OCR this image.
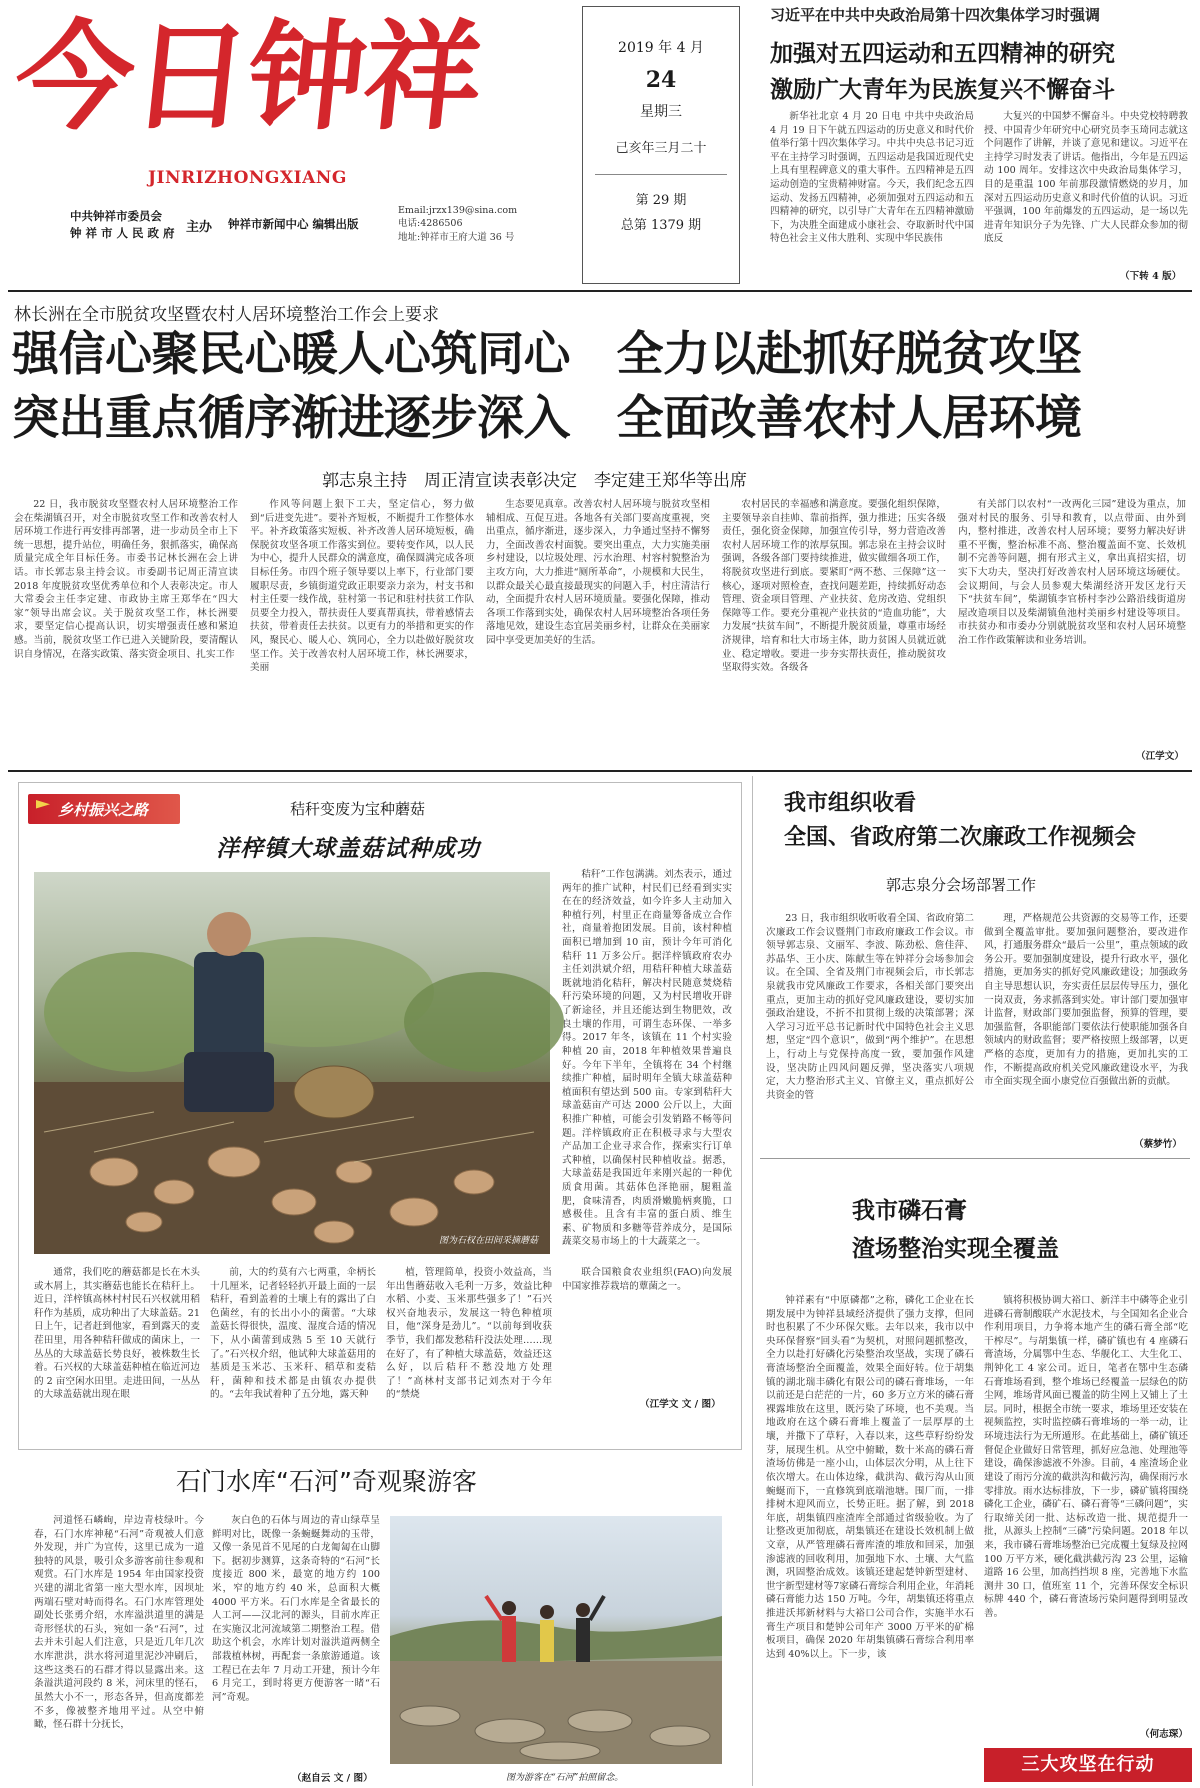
今日钟祥
JINRIZHONGXIANG
中共钟祥市委员会
钟 祥 市 人 民 政 府 主办 钟祥市新闻中心 编辑出版
Email:jrzx139@sina.com
电话:4286506
地址:钟祥市王府大道 36 号
2019 年 4 月
24
星期三
己亥年三月二十
第 29 期
总第 1379 期
习近平在中共中央政治局第十四次集体学习时强调
加强对五四运动和五四精神的研究
激励广大青年为民族复兴不懈奋斗

新华社北京 4 月 20 日电 中共中央政治局 4 月 19 日下午就五四运动的历史意义和时代价值举行第十四次集体学习。中共中央总书记习近平在主持学习时强调，五四运动是我国近现代史上具有里程碑意义的重大事件。五四精神是五四运动创造的宝贵精神财富。今天，我们纪念五四运动、发扬五四精神，必须加强对五四运动和五四精神的研究，以引导广大青年在五四精神激励下，为决胜全面建成小康社会、夺取新时代中国特色社会主义伟大胜利、实现中华民族伟

大复兴的中国梦不懈奋斗。中央党校特聘教授、中国青少年研究中心研究员李玉琦同志就这个问题作了讲解，并谈了意见和建议。习近平在主持学习时发表了讲话。他指出，今年是五四运动 100 周年。安排这次中央政治局集体学习，目的是重温 100 年前那段激情燃烧的岁月，加深对五四运动历史意义和时代价值的认识。习近平强调，100 年前爆发的五四运动，是一场以先进青年知识分子为先锋、广大人民群众参加的彻底反

（下转 4 版）
林长洲在全市脱贫攻坚暨农村人居环境整治工作会上要求
强信心聚民心暖人心筑同心　全力以赴抓好脱贫攻坚
突出重点循序渐进逐步深入　全面改善农村人居环境
郭志泉主持　周正清宣读表彰决定　李定建王郑华等出席

22 日，我市脱贫攻坚暨农村人居环境整治工作会在柴湖镇召开，对全市脱贫攻坚工作和改善农村人居环境工作进行再安排再部署，进一步动员全市上下统一思想，提升站位，明确任务，狠抓落实，确保高质量完成全年目标任务。市委书记林长洲在会上讲话。市长郭志泉主持会议。市委副书记周正清宣读 2018 年度脱贫攻坚优秀单位和个人表彰决定。市人大常委会主任李定建、市政协主席王郑华在“四大家”领导出席会议。关于脱贫攻坚工作，林长洲要求，要坚定信心提高认识，切实增强责任感和紧迫感。当前，脱贫攻坚工作已进入关键阶段，要清醒认识自身情况，在落实政策、落实资金项目、扎实工作

作风等问题上狠下工夫，坚定信心，努力做到“后进变先进”。要补齐短板，不断提升工作整体水平。补齐政策落实短板、补齐改善人居环境短板，确保脱贫攻坚各项工作落实到位。要转变作风，以人民为中心，提升人民群众的满意度，确保圆满完成各项目标任务。市四个班子领导要以上率下，行业部门要履职尽责，乡镇街道党政正职要亲力亲为，村支书和村主任要一线作战，驻村第一书记和驻村扶贫工作队员要全力投入，帮扶责任人要真帮真扶，带着感情去扶贫，带着责任去扶贫。以更有力的举措和更实的作风，聚民心、暖人心、筑同心，全力以赴做好脱贫攻坚工作。关于改善农村人居环境工作，林长洲要求，美丽

生态要见真章。改善农村人居环境与脱贫攻坚相辅相成、互促互进。各地各有关部门要高度重视，突出重点，循序渐进，逐步深入，力争通过坚持不懈努力，全面改善农村面貌。要突出重点，大力实施美丽乡村建设，以垃圾处理、污水治理、村容村貌整治为主攻方向，大力推进“厕所革命”，小规模和大民生，以群众最关心最直接最现实的问题入手，村庄清洁行动，全面提升农村人居环境质量。要强化保障，推动各项工作落到实处，确保农村人居环境整治各项任务落地见效，建设生态宜居美丽乡村，让群众在美丽家园中享受更加美好的生活。

农村居民的幸福感和满意度。要强化组织保障，主要领导亲自挂帅、靠前指挥，强力推进；压实各级责任，强化资金保障，加强宣传引导，努力营造改善农村人居环境工作的浓厚氛围。郭志泉在主持会议时强调，各级各部门要持续推进，做实做细各项工作，将脱贫攻坚进行到底。要紧盯“两不愁、三保障”这一核心，逐项对照检查，查找问题差距，持续抓好动态管理、资金项目管理、产业扶贫、危房改造、党组织保障等工作。要充分重视产业扶贫的“造血功能”，大力发展“扶贫车间”，不断提升脱贫质量，尊重市场经济规律，培育和壮大市场主体，助力贫困人员就近就业、稳定增收。要进一步夯实帮扶责任，推动脱贫攻坚取得实效。各级各

有关部门以农村“一改两化三园”建设为重点，加强对村民的服务、引导和教育，以点带面、由外到内，整村推进，改善农村人居环境；要努力解决好讲重不平衡，整治标准不高、整治覆盖面不宽、长效机制不完善等问题，拥有形式主义，拿出真招实招，切实下大功夫，坚决打好改善农村人居环境这场硬仗。会议期间，与会人员参观大柴湖经济开发区龙行天下“扶贫车间”，柴湖镇李官桥村李沙公路沿线街道房屋改造项目以及柴湖镇鱼池村美丽乡村建设等项目。市扶贫办和市委办分别就脱贫攻坚和农村人居环境整治工作作政策解读和业务培训。

（江学文）
乡村振兴之路	秸秆变废为宝种蘑菇
洋梓镇大球盖菇试种成功
图为石权在田间采摘蘑菇

秸秆”工作包满满。刘杰表示，通过两年的推广试种，村民们已经看到实实在在的经济效益，如今许多人主动加入种植行列，村里正在商量筹备成立合作社，商量着抱团发展。目前，该村种植面积已增加到 10 亩，预计今年可消化秸秆 11 万多公斤。据洋梓镇政府农办主任刘洪斌介绍，用秸秆种植大球盖菇既就地消化秸秆，解决村民随意焚烧秸秆污染环境的问题，又为村民增收开辟了新途径，并且还能达到生物肥效，改良土壤的作用，可谓生态环保、一举多得。2017 年冬，该镇在 11 个村实验种植 20 亩，2018 年种植效果普遍良好。今年下半年，全镇将在 34 个村继续推广种植，届时明年全镇大球盖菇种植面积有望达到 500 亩。专家到秸秆大球盖菇亩产可达 2000 公斤以上，大面积推广种植，可能会引发销路不畅等问题。洋梓镇政府正在积极寻求与大型农产品加工企业寻求合作，探索实行订单式种植，以确保村民种植收益。据悉，大球盖菇是我国近年来刚兴起的一种优质食用菌。其菇体色泽艳丽，腿粗盖肥，食味清香，肉质滑嫩脆柄爽脆，口感极佳。且含有丰富的蛋白质、维生素、矿物质和多糖等营养成分，是国际蔬菜交易市场上的十大蔬菜之一。

通常，我们吃的蘑菇都是长在木头或木屑上，其实蘑菇也能长在秸秆上。近日，洋梓镇高林村村民石兴权就用稻秆作为基质，成功种出了大球盖菇。21 日上午，记者赶到他家，看到露天的麦茬田里，用各种秸秆做成的菌床上，一丛丛的大球盖菇长势良好，被株数生长着。石兴权的大球盖菇种植在临近河边的 2 亩空闲水田里。走进田间，一丛丛的大球盖菇就出现在眼

前，大的约莫有六七两重，伞柄长十几厘米，记者轻轻扒开最上面的一层秸秆，看到盖着的土壤上有的露出了白色菌丝，有的长出小小的菌蕾。“大球盖菇长得很快，温度、湿度合适的情况下，从小菌蕾到成熟 5 至 10 天就行了。”石兴权介绍，他试种大球盖菇用的基质是玉米芯、玉米秆、稻草和麦秸秆，菌种和技术都是由镇农办提供的。“去年我试着种了五分地，露天种

植，管理简单，投资小效益高，当年出售蘑菇收入毛利一万多，效益比种水稻、小麦、玉米那些强多了！”石兴权兴奋地表示，发展这一特色种植项目，他“深身是劲儿”。“以前每到收获季节，我们都发愁秸秆没法处理……现在好了，有了种植大球盖菇，效益还这么好，以后秸秆不愁没地方处理了！”高林村支部书记刘杰对于今年的“禁烧

联合国粮食农业组织(FAO)向发展中国家推荐栽培的蕈菌之一。

（江学文 文 / 图）
石门水库“石河”奇观聚游客

河道怪石嶙峋，岸边青枝绿叶。今春，石门水库神秘“石河”奇观被人们意外发现，并广为宣传，这里已成为一道独特的风景，吸引众多游客前往参观和观赏。石门水库是 1954 年由国家投资兴建的湖北省第一座大型水库，因坝址两端石壁对峙而得名。石门水库管理处副处长张勇介绍，水库溢洪道里的满是奇形怪状的石头，宛如一条“石河”，过去并未引起人们注意，只是近几年几次水库泄洪，洪水将河道里泥沙冲刷后，这些这类石的石群才得以显露出来。这条溢洪道河段约 8 米，河床里的怪石，虽然大小不一，形态各异，但高度都差不多，像被整齐地用平过。从空中俯瞰，怪石群十分抚长，

灰白色的石体与周边的青山绿草呈鲜明对比，既像一条蜿蜒舞动的玉带，又像一条见首不见尾的白龙匍匐在山脚下。据初步测算，这条奇特的“石河”长度接近 800 米，最宽的地方约 100 米，窄的地方约 40 米，总面积大概 4000 平方米。石门水库是全省最长的人工河——汉北河的源头，目前水库正在实施汉北河流域第二期整治工程。借助这个机会，水库计划对溢洪道两侧全部栽植林树，再配套一条旅游通道。该工程已在去年 7 月动工开建，预计今年 6 月完工，到时将更方便游客一睹“石河”奇观。

（赵自云 文 / 图）	图为游客在“石河”拍照留念。
我市组织收看
全国、省政府第二次廉政工作视频会
郭志泉分会场部署工作

23 日，我市组织收听收看全国、省政府第二次廉政工作会议暨荆门市政府廉政工作会议。市领导郭志泉、文丽军、李波、陈劲松、詹佳萍、苏晶华、王小庆、陈献生等在钟祥分会场参加会议。在全国、全省及荆门市视频会后，市长郭志泉就我市党风廉政工作要求，各相关部门要突出重点，更加主动的抓好党风廉政建设，要切实加强政治建设，不折不扣贯彻上级的决策部署；深入学习习近平总书记新时代中国特色社会主义思想，坚定“四个意识”，做到“两个维护”。在思想上，行动上与党保持高度一致，要加强作风建设，坚决防止四风问题反弹，坚决落实八项规定，大力整治形式主义、官僚主义，重点抓好公共资金的管

理，严格规范公共资源的交易等工作，还要做到全覆盖审批。要加强问题整治，要改进作风，打通服务群众“最后一公里”，重点领域的政务公开。要加强制度建设，提升行政水平，强化措施，更加务实的抓好党风廉政建设；加强政务自主导思想认识，夯实责任层层传导压力，强化一岗双责，务求抓落到实处。审计部门要加强审计监督，财政部门要加强监督，预算的管理，要加强监督，各职能部门要依法行使职能加强各自领域内的财政监督；要严格按照上级部署，以更严格的态度，更加有力的措施，更加扎实的工作，不断提高政府机关党风廉政建设水平，为我市全面实现全面小康党位百强做出新的贡献。

（蔡梦竹）
我市磷石膏
渣场整治实现全覆盖

钟祥素有“中原磷都”之称，磷化工企业在长期发展中为钟祥县域经济提供了强力支撑，但同时也积累了不少环保欠账。去年以来，我市以中央环保督察“回头看”为契机，对照问题抓整改，全力以赴打好磷化污染整治攻坚战，实现了磷石膏渣场整治全面覆盖，效果全面好转。位于胡集镇的湖北瑞丰磷化有限公司的磷石膏堆场，一年以前还是白茫茫的一片，60 多万立方米的磷石膏裸露堆放在这里，既污染了环境，也不美观。当地政府在这个磷石膏堆上覆盖了一层厚厚的土壤，并撒下了草籽，入春以来，这些草籽纷纷发芽，展现生机。从空中俯瞰，数十米高的磷石膏渣场仿佛是一座小山，山体层次分明，从上往下依次增大。在山体边缘，截洪沟、截污沟从山顶蜿蜒而下，一直修筑到底端池塘。围厂而，一排排树木迎风而立，长势正旺。据了解，到 2018 年底，胡集镇四座渣库全部通过省级验收。为了让整改更加彻底，胡集镇还在建设长效机制上做文章，从严管理磷石膏库渣的堆放和回采，加强渗滤液的回收利用，加强地下水、土壤、大气监测，巩固整治成效。该镇还建起楚钟新型建材、世宇新型建材等7家磷石膏综合利用企业，年消耗磷石膏能力达 150 万吨。今年，胡集镇还将重点推进沃邦新材料与大裕口公司合作，实施半水石膏生产项目和楚钟公司年产 3000 万平米的矿棉板项目，确保 2020 年胡集镇磷石膏综合利用率达到 40%以上。下一步，该

镇将积极协调大裕口、新洋丰中磷等企业引进磷石膏制酸联产水泥技术，与全国知名企业合作利用项目，力争将本地产生的磷石膏全部“吃干榨尽”。与胡集镇一样，磷矿镇也有 4 座磷石膏渣场，分属鄂中生态、华舰化工、大生化工、荆钟化工 4 家公司。近日，笔者在鄂中生态磷石膏堆场看到，整个堆场已经覆盖一层绿色的防尘网，堆场背风面已覆盖的防尘网上又铺上了土层。同时，根据全市统一要求，堆场里还安装在视频监控，实时监控磷石膏堆场的一举一动，让环境违法行为无所遁形。在此基础上，磷矿镇还督促企业做好日常管理，抓好应急池、处理池等建设，确保渗滤液不外渗。目前，4 座渣场企业建设了雨污分流的截洪沟和截污沟，确保雨污水零排放。雨水达标排放，下一步，磷矿镇将围绕磷化工企业，磷矿石、磷石膏等“三磷问题”，实行取缔关闭一批、达标改造一批、规范提升一批，从源头上控制“三磷”污染问题。2018 年以来，我市磷石膏堆场整治已完成覆土复绿及拉网 100 万平方米，硬化截洪截污沟 23 公里，运输道路 16 公里，加高挡挡坝 8 座，完善地下水监测井 30 口，值班室 11 个，完善环保安全标识标牌 440 个，磷石膏渣场污染问题得到明显改善。

（何志琛）
三大攻坚在行动
